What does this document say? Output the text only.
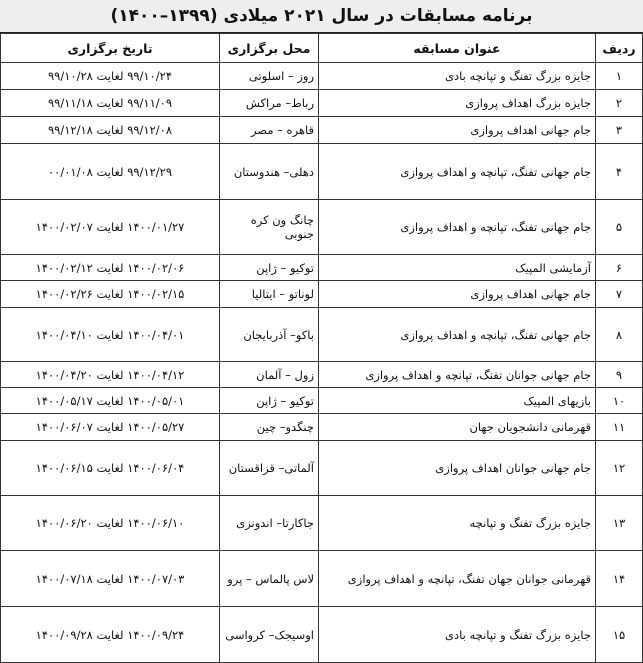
برنامه مسابقات در سال ۲۰۲۱ میلادی (۱۳۹۹–۱۴۰۰)
ردیف	عنوان مسابقه	محل برگزاری	تاریخ برگزاری
۱	جایزه بزرگ تفنگ و تپانچه بادی	روز – اسلوتی	۹۹/۱۰/۲۴ لغایت ۹۹/۱۰/۲۸
۲	جایزه بزرگ اهداف پروازی	رباط– مراکش	۹۹/۱۱/۰۹ لغایت ۹۹/۱۱/۱۸
۳	جام جهانی اهداف پروازی	قاهره – مصر	۹۹/۱۲/۰۸ لغایت ۹۹/۱۲/۱۸
۴	جام جهانی تفنگ، تپانچه و اهداف پروازی	دهلی– هندوستان	۹۹/۱۲/۲۹ لغایت ۰۰/۰۱/۰۸
۵	جام جهانی تفنگ، تپانچه و اهداف پروازی	چانگ ون کره جنوبی	۱۴۰۰/۰۱/۲۷ لغایت ۱۴۰۰/۰۲/۰۷
۶	آزمایشی المپیک	توکیو – ژاپن	۱۴۰۰/۰۲/۰۶ لغایت ۱۴۰۰/۰۲/۱۲
۷	جام جهانی اهداف پروازی	لوناتو – ایتالیا	۱۴۰۰/۰۲/۱۵ لغایت ۱۴۰۰/۰۲/۲۶
۸	جام جهانی تفنگ، تپانچه و اهداف پروازی	باکو– آذربایجان	۱۴۰۰/۰۴/۰۱ لغایت ۱۴۰۰/۰۴/۱۰
۹	جام جهانی جوانان تفنگ، تپانچه و اهداف پروازی	زول – آلمان	۱۴۰۰/۰۴/۱۲ لغایت ۱۴۰۰/۰۴/۲۰
۱۰	بازیهای المپیک	توکیو – ژاپن	۱۴۰۰/۰۵/۰۱ لغایت ۱۴۰۰/۰۵/۱۷
۱۱	قهرمانی دانشجویان جهان	چنگدو– چین	۱۴۰۰/۰۵/۲۷ لغایت ۱۴۰۰/۰۶/۰۷
۱۲	جام جهانی جوانان اهداف پروازی	آلماتی– قزاقستان	۱۴۰۰/۰۶/۰۴ لغایت ۱۴۰۰/۰۶/۱۵
۱۳	جایزه بزرگ تفنگ و تپانچه	جاکارتا– اندونزی	۱۴۰۰/۰۶/۱۰ لغایت ۱۴۰۰/۰۶/۲۰
۱۴	قهرمانی جوانان جهان تفنگ، تپانچه و اهداف پروازی	لاس پالماس – پرو	۱۴۰۰/۰۷/۰۳ لغایت ۱۴۰۰/۰۷/۱۸
۱۵	جایزه بزرگ تفنگ و تپانچه بادی	اوسیجک– کرواسی	۱۴۰۰/۰۹/۲۴ لغایت ۱۴۰۰/۰۹/۲۸
